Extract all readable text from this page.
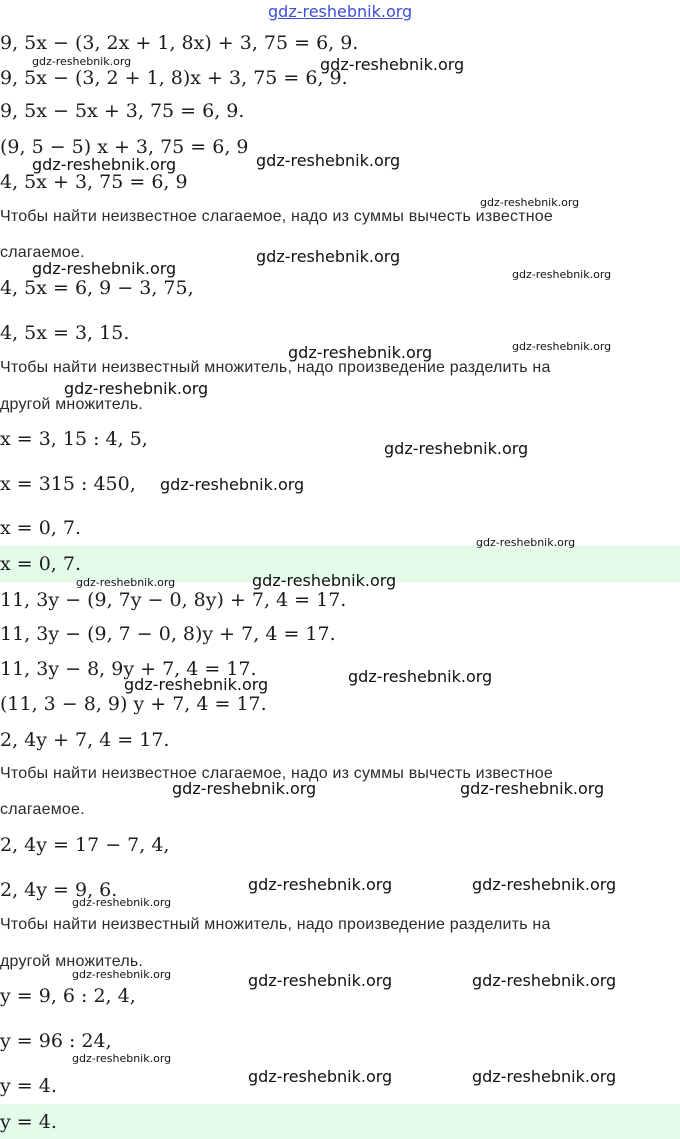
gdz-reshebnik.org
9, 5x − (3, 2x + 1, 8x) + 3, 75 = 6, 9.
9, 5x − (3, 2 + 1, 8)x + 3, 75 = 6, 9.
9, 5x − 5x + 3, 75 = 6, 9.
(9, 5 − 5) x + 3, 75 = 6, 9
4, 5x + 3, 75 = 6, 9
Чтобы найти неизвестное слагаемое, надо из суммы вычесть известное
слагаемое.
4, 5x = 6, 9 − 3, 75,
4, 5x = 3, 15.
Чтобы найти неизвестный множитель, надо произведение разделить на
другой множитель.
x = 3, 15 : 4, 5,
x = 315 : 450,
x = 0, 7.
x = 0, 7.
11, 3y − (9, 7y − 0, 8y) + 7, 4 = 17.
11, 3y − (9, 7 − 0, 8)y + 7, 4 = 17.
11, 3y − 8, 9y + 7, 4 = 17.
(11, 3 − 8, 9) y + 7, 4 = 17.
2, 4y + 7, 4 = 17.
Чтобы найти неизвестное слагаемое, надо из суммы вычесть известное
слагаемое.
2, 4y = 17 − 7, 4,
2, 4y = 9, 6.
Чтобы найти неизвестный множитель, надо произведение разделить на
другой множитель.
y = 9, 6 : 2, 4,
y = 96 : 24,
y = 4.
y = 4.
gdz-reshebnik.org	gdz-reshebnik.org
gdz-reshebnik.org	gdz-reshebnik.org
gdz-reshebnik.org
gdz-reshebnik.org
gdz-reshebnik.org
gdz-reshebnik.org
gdz-reshebnik.org	gdz-reshebnik.org
gdz-reshebnik.org
gdz-reshebnik.org
gdz-reshebnik.org
gdz-reshebnik.org
gdz-reshebnik.org	gdz-reshebnik.org
gdz-reshebnik.org
gdz-reshebnik.org
gdz-reshebnik.org	gdz-reshebnik.org
gdz-reshebnik.org	gdz-reshebnik.org
gdz-reshebnik.org
gdz-reshebnik.org	gdz-reshebnik.org	gdz-reshebnik.org
gdz-reshebnik.org
gdz-reshebnik.org	gdz-reshebnik.org
